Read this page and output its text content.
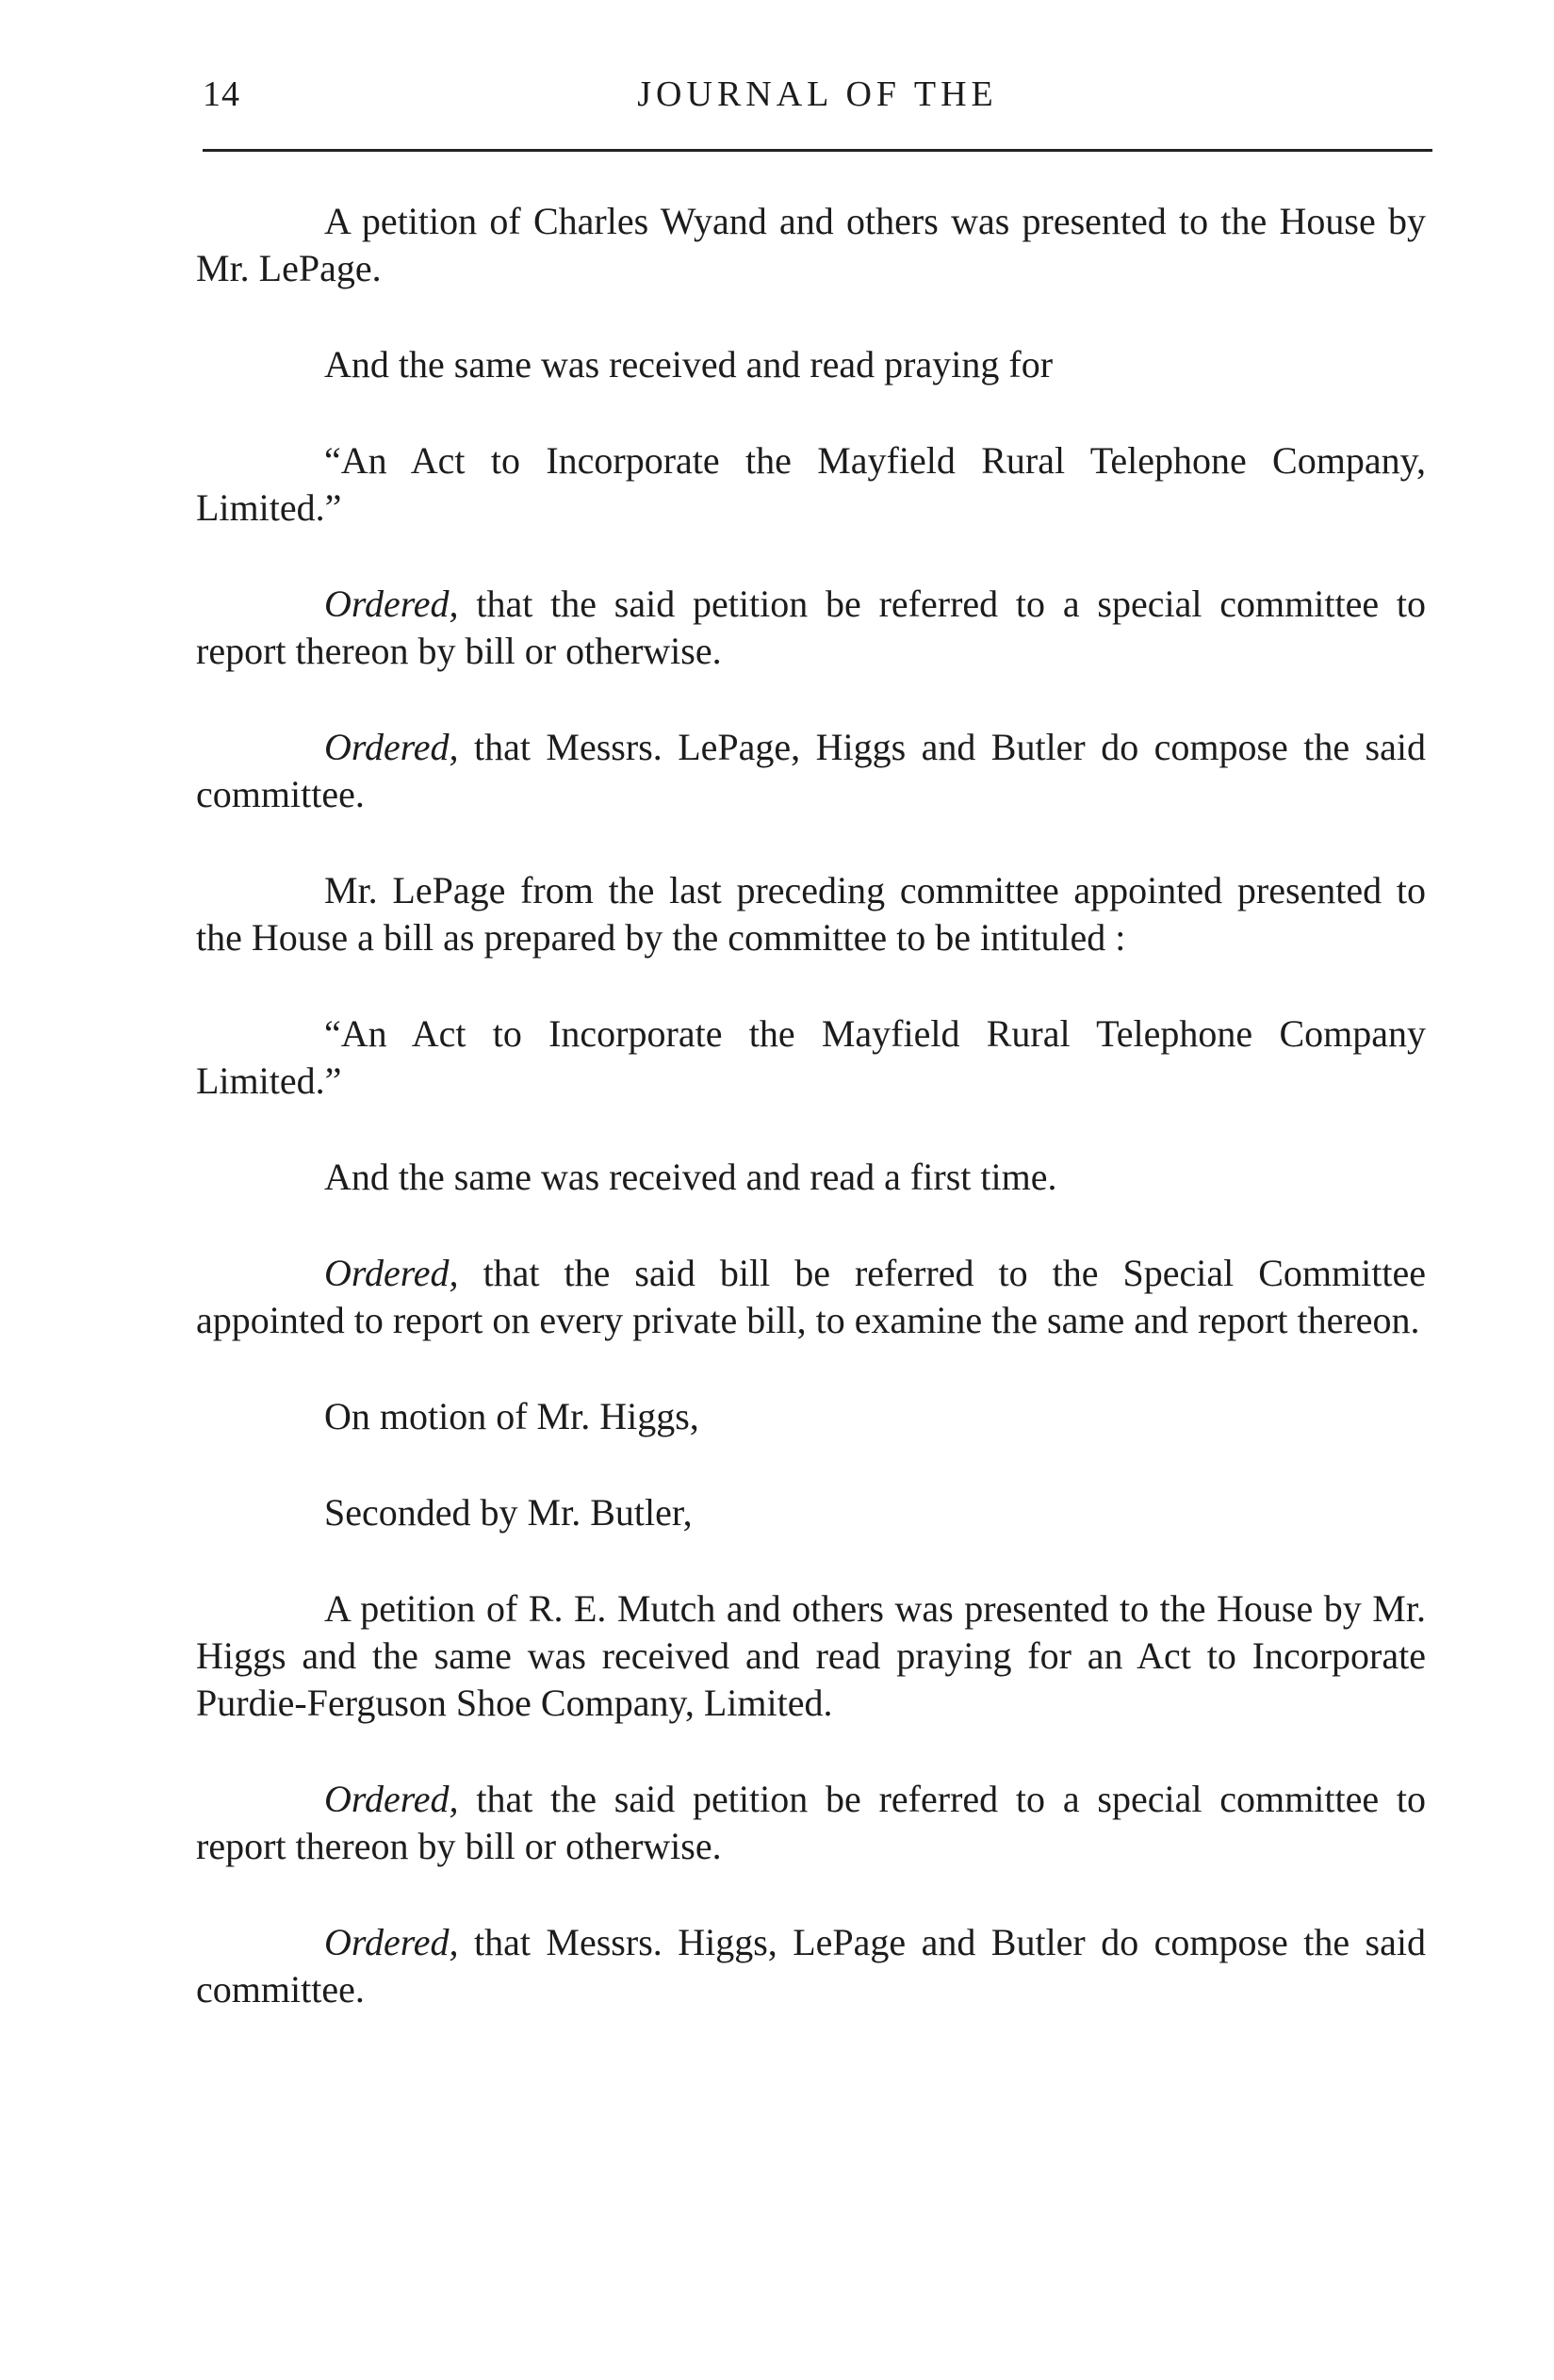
14	JOURNAL OF THE

A petition of Charles Wyand and others was presented to the House by Mr. LePage.

And the same was received and read praying for

“An Act to Incorporate the Mayfield Rural Telephone Company, Limited.”

Ordered, that the said petition be referred to a special committee to report thereon by bill or otherwise.

Ordered, that Messrs. LePage, Higgs and Butler do compose the said committee.

Mr. LePage from the last preceding committee appointed presented to the House a bill as prepared by the committee to be intituled :

“An Act to Incorporate the Mayfield Rural Telephone Company Limited.”

And the same was received and read a first time.

Ordered, that the said bill be referred to the Special Committee appointed to report on every private bill, to examine the same and report thereon.

On motion of Mr. Higgs,

Seconded by Mr. Butler,

A petition of R. E. Mutch and others was presented to the House by Mr. Higgs and the same was received and read praying for an Act to Incorporate Purdie-Ferguson Shoe Company, Limited.

Ordered, that the said petition be referred to a special committee to report thereon by bill or otherwise.

Ordered, that Messrs. Higgs, LePage and Butler do compose the said committee.
